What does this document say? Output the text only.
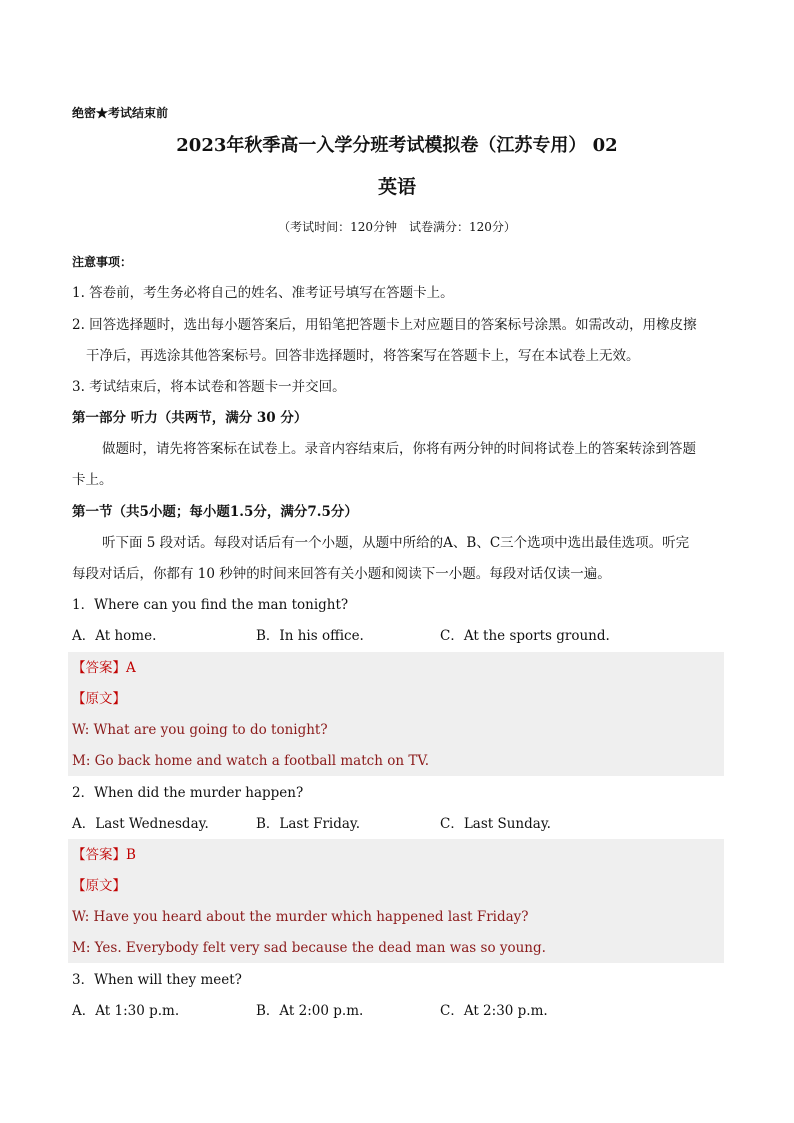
绝密★考试结束前
2023年秋季高一入学分班考试模拟卷（江苏专用） 02
英语
（考试时间：120分钟　试卷满分：120分）
注意事项：
1. 答卷前，考生务必将自己的姓名、准考证号填写在答题卡上。
2. 回答选择题时，选出每小题答案后，用铅笔把答题卡上对应题目的答案标号涂黑。如需改动，用橡皮擦
干净后，再选涂其他答案标号。回答非选择题时，将答案写在答题卡上，写在本试卷上无效。
3. 考试结束后，将本试卷和答题卡一并交回。
第一部分 听力（共两节，满分 30 分）
做题时，请先将答案标在试卷上。录音内容结束后，你将有两分钟的时间将试卷上的答案转涂到答题
卡上。
第一节（共5小题；每小题1.5分，满分7.5分）
听下面 5 段对话。每段对话后有一个小题，从题中所给的A、B、C三个选项中选出最佳选项。听完
每段对话后，你都有 10 秒钟的时间来回答有关小题和阅读下一小题。每段对话仅读一遍。
1．Where can you find the man tonight?
A．At home.	B．In his office.	C．At the sports ground.
【答案】A
【原文】
W: What are you going to do tonight?
M: Go back home and watch a football match on TV.
2．When did the murder happen?
A．Last Wednesday.	B．Last Friday.	C．Last Sunday.
【答案】B
【原文】
W: Have you heard about the murder which happened last Friday?
M: Yes. Everybody felt very sad because the dead man was so young.
3．When will they meet?
A．At 1:30 p.m.	B．At 2:00 p.m.	C．At 2:30 p.m.
